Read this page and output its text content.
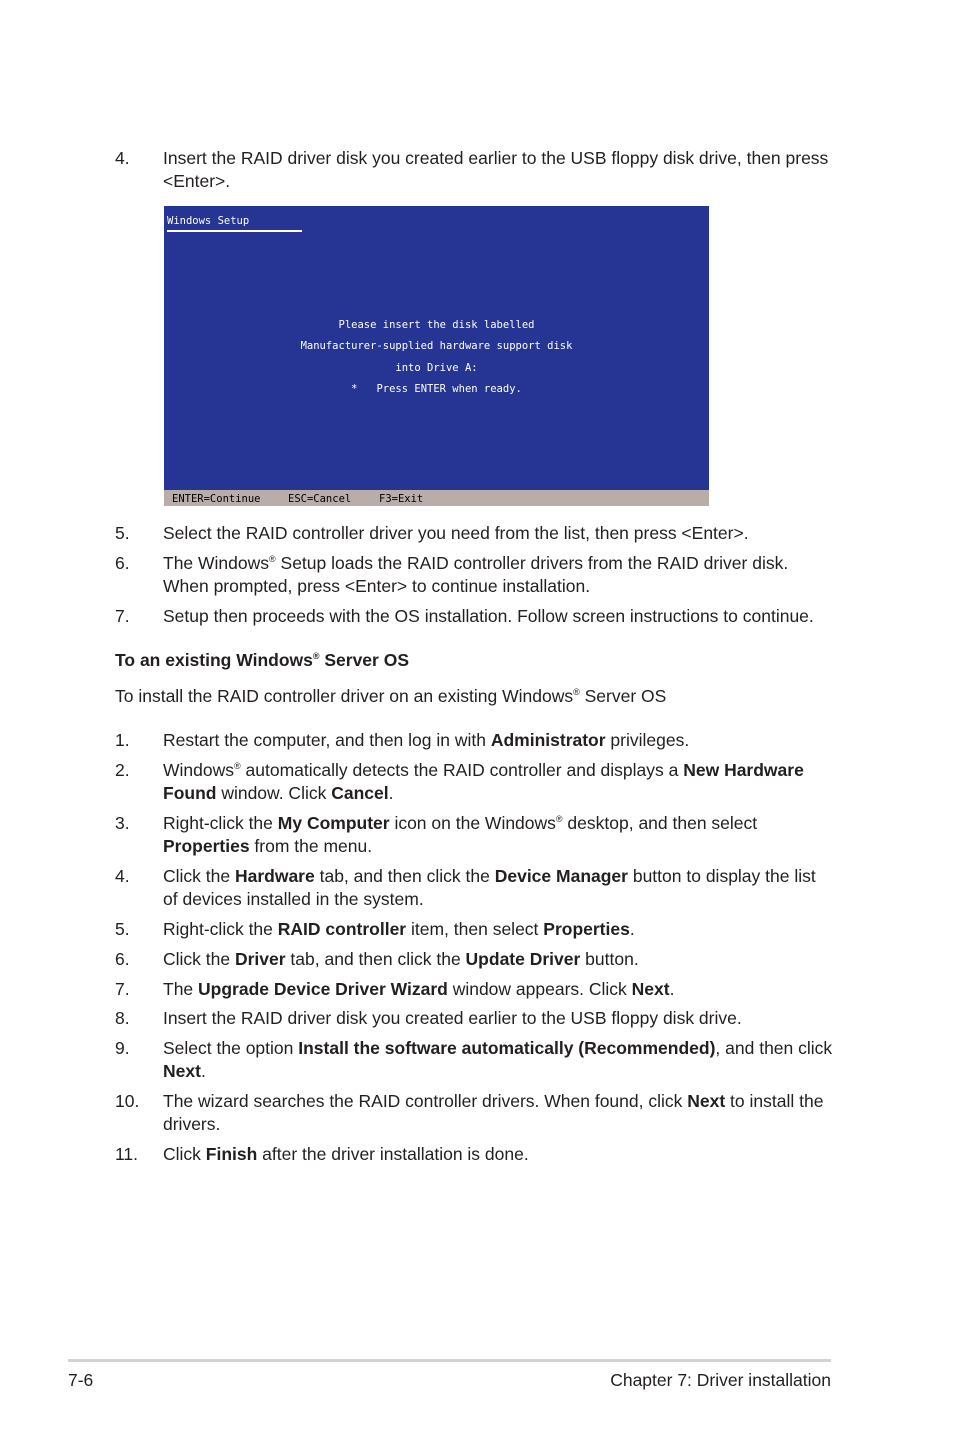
4. Insert the RAID driver disk you created earlier to the USB floppy disk drive, then press <Enter>.
Windows Setup
Please insert the disk labelled
Manufacturer-supplied hardware support disk
into Drive A:
*   Press ENTER when ready.
ENTER=Continue	ESC=Cancel	F3=Exit
5. Select the RAID controller driver you need from the list, then press <Enter>.
6. The Windows® Setup loads the RAID controller drivers from the RAID driver disk. When prompted, press <Enter> to continue installation.
7. Setup then proceeds with the OS installation. Follow screen instructions to continue.
To an existing Windows® Server OS
To install the RAID controller driver on an existing Windows® Server OS
1. Restart the computer, and then log in with Administrator privileges.
2. Windows® automatically detects the RAID controller and displays a New Hardware Found window. Click Cancel.
3. Right-click the My Computer icon on the Windows® desktop, and then select Properties from the menu.
4. Click the Hardware tab, and then click the Device Manager button to display the list of devices installed in the system.
5. Right-click the RAID controller item, then select Properties.
6. Click the Driver tab, and then click the Update Driver button.
7. The Upgrade Device Driver Wizard window appears. Click Next.
8. Insert the RAID driver disk you created earlier to the USB floppy disk drive.
9. Select the option Install the software automatically (Recommended), and then click Next.
10. The wizard searches the RAID controller drivers. When found, click Next to install the drivers.
11. Click Finish after the driver installation is done.
7-6	Chapter 7: Driver installation
